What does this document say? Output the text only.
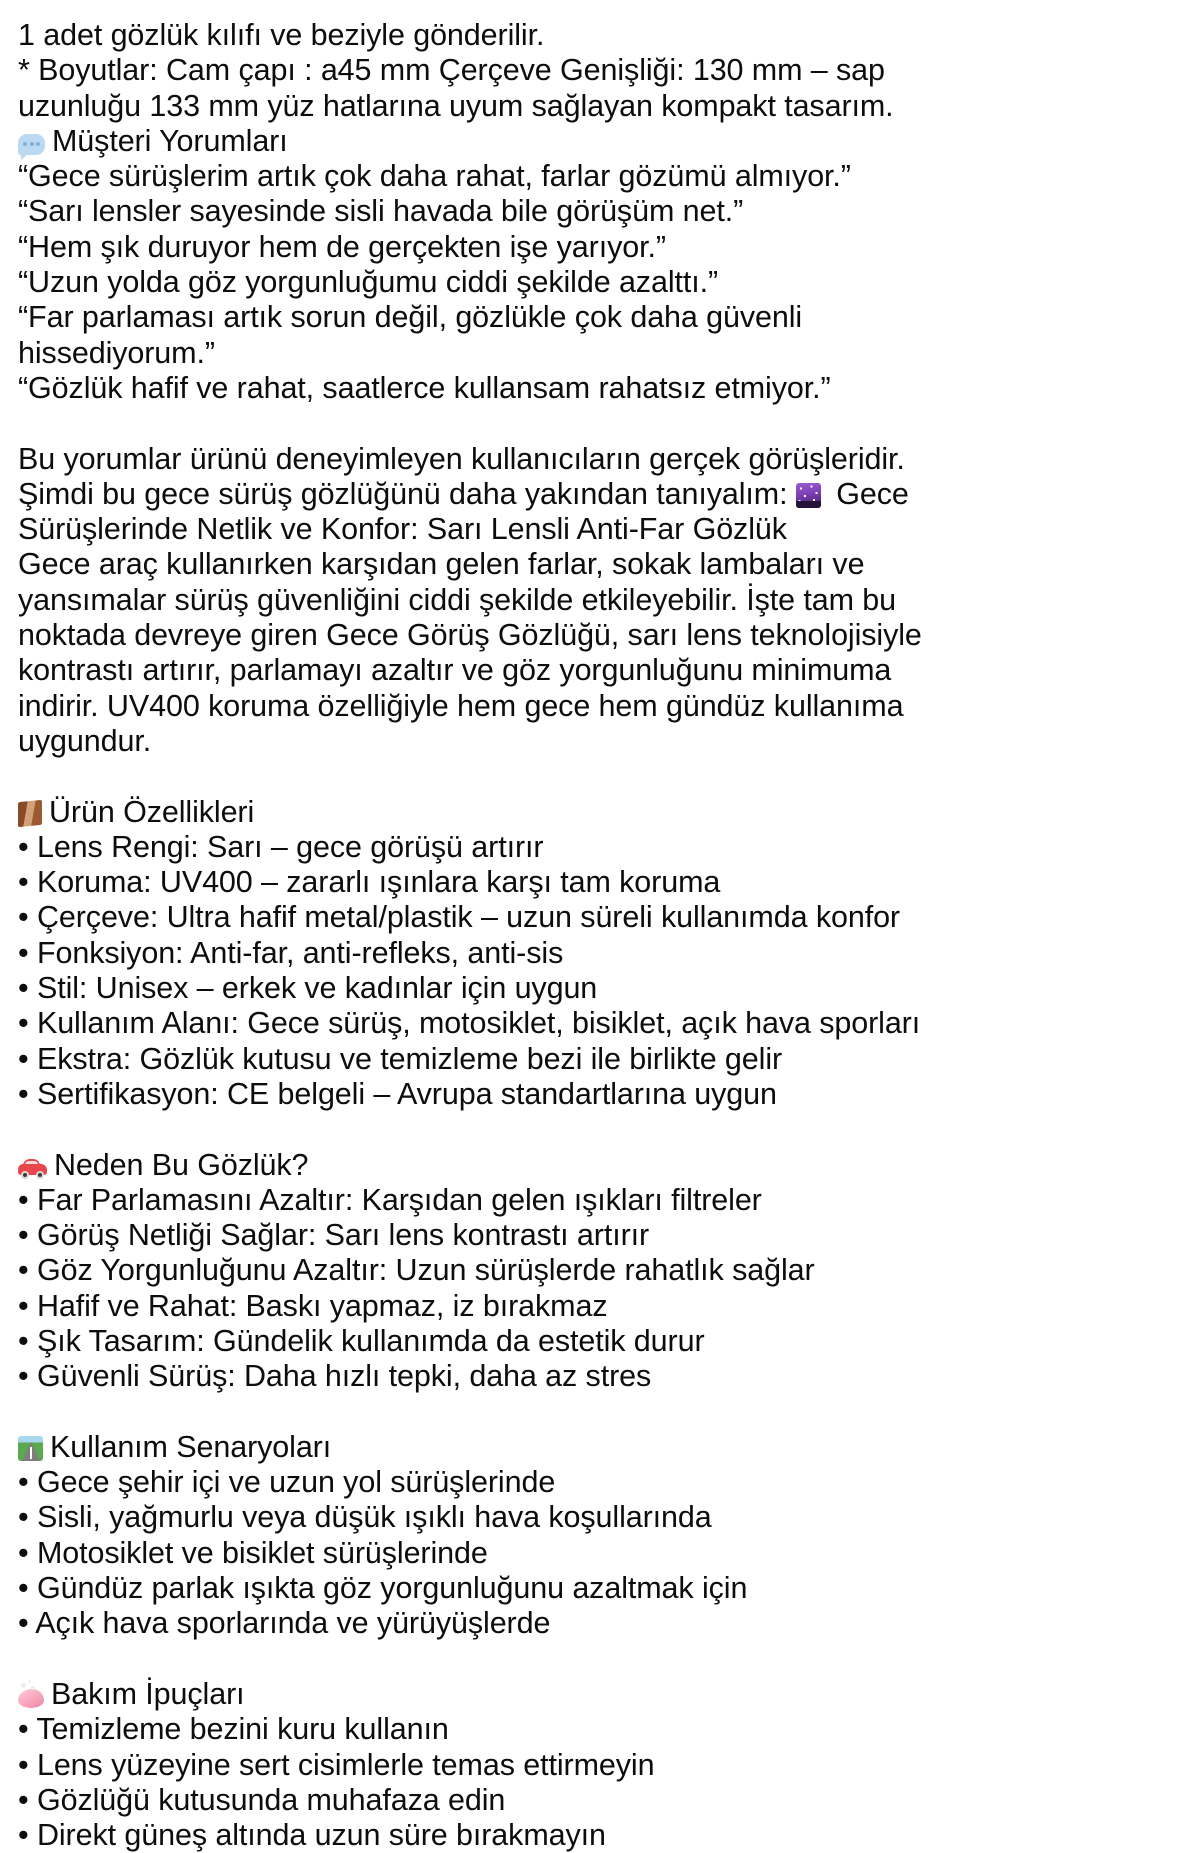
1 adet gözlük kılıfı ve beziyle gönderilir.
* Boyutlar: Cam çapı : a45 mm Çerçeve Genişliği: 130 mm – sap
uzunluğu 133 mm yüz hatlarına uyum sağlayan kompakt tasarım.
Müşteri Yorumları
“Gece sürüşlerim artık çok daha rahat, farlar gözümü almıyor.”
“Sarı lensler sayesinde sisli havada bile görüşüm net.”
“Hem şık duruyor hem de gerçekten işe yarıyor.”
“Uzun yolda göz yorgunluğumu ciddi şekilde azalttı.”
“Far parlaması artık sorun değil, gözlükle çok daha güvenli
hissediyorum.”
“Gözlük hafif ve rahat, saatlerce kullansam rahatsız etmiyor.”
Bu yorumlar ürünü deneyimleyen kullanıcıların gerçek görüşleridir.
Şimdi bu gece sürüş gözlüğünü daha yakından tanıyalım:  Gece
Sürüşlerinde Netlik ve Konfor: Sarı Lensli Anti-Far Gözlük
Gece araç kullanırken karşıdan gelen farlar, sokak lambaları ve
yansımalar sürüş güvenliğini ciddi şekilde etkileyebilir. İşte tam bu
noktada devreye giren Gece Görüş Gözlüğü, sarı lens teknolojisiyle
kontrastı artırır, parlamayı azaltır ve göz yorgunluğunu minimuma
indirir. UV400 koruma özelliğiyle hem gece hem gündüz kullanıma
uygundur.
Ürün Özellikleri
• Lens Rengi: Sarı – gece görüşü artırır
• Koruma: UV400 – zararlı ışınlara karşı tam koruma
• Çerçeve: Ultra hafif metal/plastik – uzun süreli kullanımda konfor
• Fonksiyon: Anti-far, anti-refleks, anti-sis
• Stil: Unisex – erkek ve kadınlar için uygun
• Kullanım Alanı: Gece sürüş, motosiklet, bisiklet, açık hava sporları
• Ekstra: Gözlük kutusu ve temizleme bezi ile birlikte gelir
• Sertifikasyon: CE belgeli – Avrupa standartlarına uygun
Neden Bu Gözlük?
• Far Parlamasını Azaltır: Karşıdan gelen ışıkları filtreler
• Görüş Netliği Sağlar: Sarı lens kontrastı artırır
• Göz Yorgunluğunu Azaltır: Uzun sürüşlerde rahatlık sağlar
• Hafif ve Rahat: Baskı yapmaz, iz bırakmaz
• Şık Tasarım: Gündelik kullanımda da estetik durur
• Güvenli Sürüş: Daha hızlı tepki, daha az stres
Kullanım Senaryoları
• Gece şehir içi ve uzun yol sürüşlerinde
• Sisli, yağmurlu veya düşük ışıklı hava koşullarında
• Motosiklet ve bisiklet sürüşlerinde
• Gündüz parlak ışıkta göz yorgunluğunu azaltmak için
• Açık hava sporlarında ve yürüyüşlerde
Bakım İpuçları
• Temizleme bezini kuru kullanın
• Lens yüzeyine sert cisimlerle temas ettirmeyin
• Gözlüğü kutusunda muhafaza edin
• Direkt güneş altında uzun süre bırakmayın
